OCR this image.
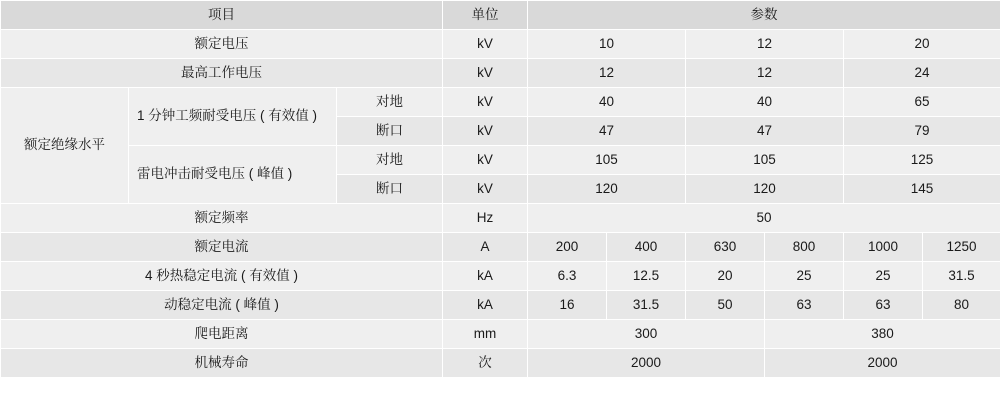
项目			单位	参数					
额定电压			kV	10		12		20	
最高工作电压			kV	12		12		24	
额定绝缘水平	1 分钟工频耐受电压 ( 有效值 )	对地	kV	40		40		65	
		断口	kV	47		47		79	
	雷电冲击耐受电压 ( 峰值 )	对地	kV	105		105		125	
		断口	kV	120		120		145	
额定频率			Hz	50					
额定电流			A	200	400	630	800	1000	1250
4 秒热稳定电流 ( 有效值 )			kA	6.3	12.5	20	25	25	31.5
动稳定电流 ( 峰值 )			kA	16	31.5	50	63	63	80
爬电距离			mm	300			380		
机械寿命			次	2000			2000		
